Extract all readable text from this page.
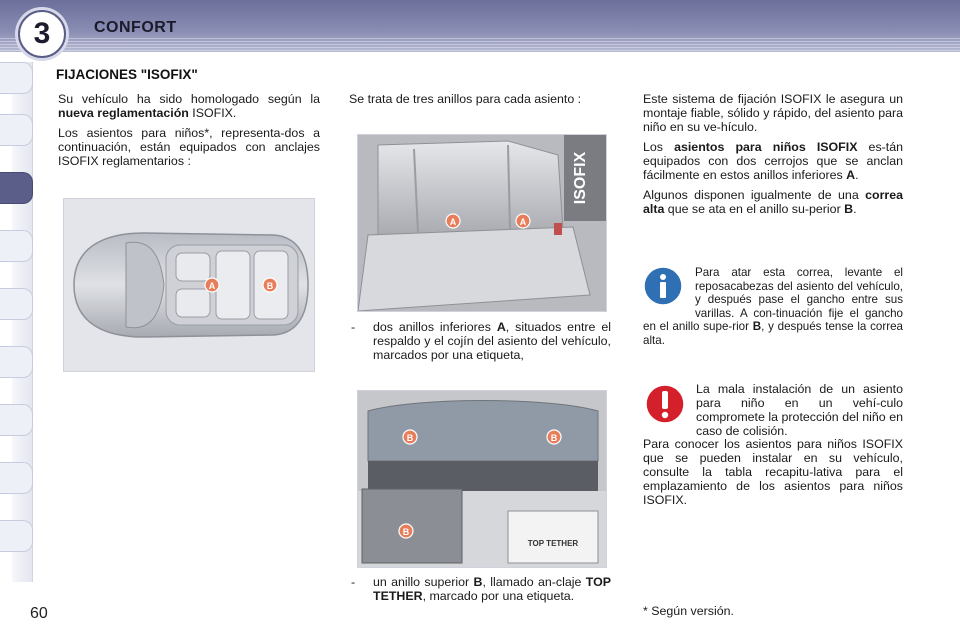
3	CONFORT
60
FIJACIONES "ISOFIX"

Su vehículo ha sido homologado según la nueva reglamentación ISOFIX.

Los asientos para niños*, representa-dos a continuación, están equipados con anclajes ISOFIX reglamentarios :

A	B

Se trata de tres anillos para cada asiento :

ISOFIX
A	A
- dos anillos inferiores A, situados entre el respaldo y el cojín del asiento del vehículo, marcados por una etiqueta,
TOP TETHER
B	B
B
- un anillo superior B, llamado an-claje TOP TETHER, marcado por una etiqueta.

Este sistema de fijación ISOFIX le asegura un montaje fiable, sólido y rápido, del asiento para niño en su ve-hículo.

Los asientos para niños ISOFIX es-tán equipados con dos cerrojos que se anclan fácilmente en estos anillos inferiores A.

Algunos disponen igualmente de una correa alta que se ata en el anillo su-perior B.

Para atar esta correa, levante el reposacabezas del asiento del vehículo, y después pase el gancho entre sus varillas. A con-tinuación fije el gancho en el anillo supe-rior B, y después tense la correa alta.
La mala instalación de un asiento para niño en un vehí-culo compromete la protección del niño en caso de colisión.
Para conocer los asientos para niños ISOFIX que se pueden instalar en su vehículo, consulte la tabla recapitu-lativa para el emplazamiento de los asientos para niños ISOFIX.
* Según versión.
